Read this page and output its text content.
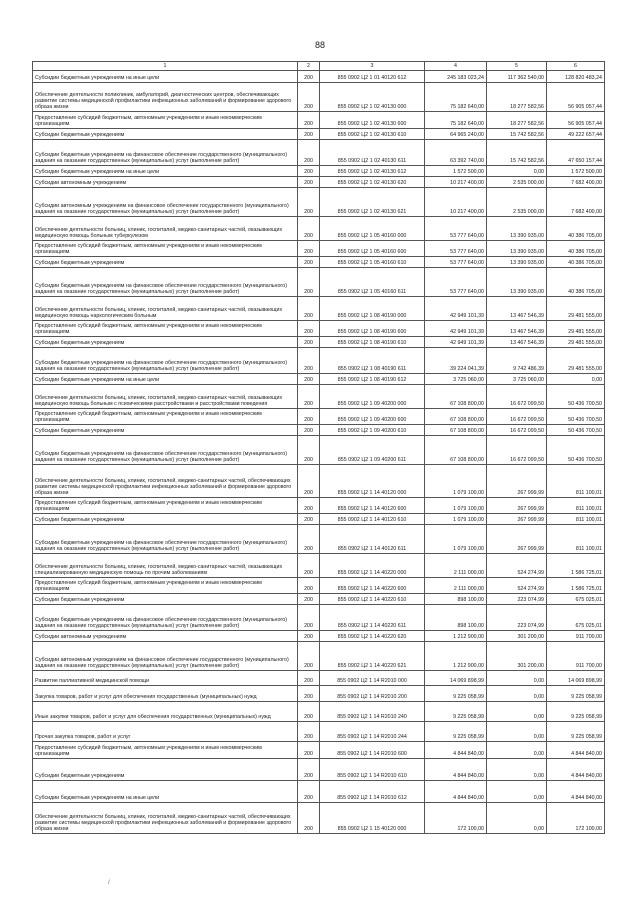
88
1	2	3	4	5	6
Субсидии бюджетным учреждениям на иные цели	200	855 0902 Ц2 1 01 40120 612	245 183 023,24	117 362 540,00	128 820 483,24
Обеспечение деятельности поликлиник, амбулаторий, диагностических центров, обеспечивающих развитие системы медицинской профилактики инфекционных заболеваний и формирование здорового образа жизни	200	855 0902 Ц2 1 02 40130 000	75 182 640,00	18 277 582,56	56 905 057,44
Предоставление субсидий бюджетным, автономным учреждениям и иным некоммерческим организациям	200	855 0902 Ц2 1 02 40130 600	75 182 640,00	18 277 582,56	56 905 057,44
Субсидии бюджетным учреждениям	200	855 0902 Ц2 1 02 40130 610	64 965 240,00	15 742 582,56	49 222 657,44
Субсидии бюджетным учреждениям на финансовое обеспечение государственного (муниципального) задания на оказание государственных (муниципальных) услуг (выполнение работ)	200	855 0902 Ц2 1 02 40130 611	63 392 740,00	15 742 582,56	47 650 157,44
Субсидии бюджетным учреждениям на иные цели	200	855 0902 Ц2 1 02 40130 612	1 572 500,00	0,00	1 572 500,00
Субсидии автономным учреждениям	200	855 0902 Ц2 1 02 40130 620	10 217 400,00	2 535 000,00	7 682 400,00
Субсидии автономным учреждениям на финансовое обеспечение государственного (муниципального) задания на оказание государственных (муниципальных) услуг (выполнение работ)	200	855 0902 Ц2 1 02 40130 621	10 217 400,00	2 535 000,00	7 682 400,00
Обеспечение деятельности больниц, клиник, госпиталей, медико-санитарных частей, оказывающих медицинскую помощь больным туберкулезом	200	855 0902 Ц2 1 05 40160 000	53 777 640,00	13 390 935,00	40 386 705,00
Предоставление субсидий бюджетным, автономным учреждениям и иным некоммерческим организациям	200	855 0902 Ц2 1 05 40160 600	53 777 640,00	13 390 935,00	40 386 705,00
Субсидии бюджетным учреждениям	200	855 0902 Ц2 1 05 40160 610	53 777 640,00	13 390 935,00	40 386 705,00
Субсидии бюджетным учреждениям на финансовое обеспечение государственного (муниципального) задания на оказание государственных (муниципальных) услуг (выполнение работ)	200	855 0902 Ц2 1 05 40160 611	53 777 640,00	13 390 935,00	40 386 705,00
Обеспечение деятельности больниц, клиник, госпиталей, медико-санитарных частей, оказывающих медицинскую помощь наркологическим больным	200	855 0902 Ц2 1 08 40190 000	42 949 101,39	13 467 546,39	29 481 555,00
Предоставление субсидий бюджетным, автономным учреждениям и иным некоммерческим организациям	200	855 0902 Ц2 1 08 40190 600	42 949 101,39	13 467 546,39	29 481 555,00
Субсидии бюджетным учреждениям	200	855 0902 Ц2 1 08 40190 610	42 949 101,39	13 467 546,39	29 481 555,00
Субсидии бюджетным учреждениям на финансовое обеспечение государственного (муниципального) задания на оказание государственных (муниципальных) услуг (выполнение работ)	200	855 0902 Ц2 1 08 40190 611	39 224 041,39	9 742 486,39	29 481 555,00
Субсидии бюджетным учреждениям на иные цели	200	855 0902 Ц2 1 08 40190 612	3 725 060,00	3 725 060,00	0,00
Обеспечение деятельности больниц, клиник, госпиталей, медико-санитарных частей, оказывающих медицинскую помощь больным с психическими расстройствами и расстройствами поведения	200	855 0902 Ц2 1 09 40200 000	67 108 800,00	16 672 099,50	50 436 700,50
Предоставление субсидий бюджетным, автономным учреждениям и иным некоммерческим организациям	200	855 0902 Ц2 1 09 40200 600	67 108 800,00	16 672 099,50	50 436 700,50
Субсидии бюджетным учреждениям	200	855 0902 Ц2 1 09 40200 610	67 108 800,00	16 672 099,50	50 436 700,50
Субсидии бюджетным учреждениям на финансовое обеспечение государственного (муниципального) задания на оказание государственных (муниципальных) услуг (выполнение работ)	200	855 0902 Ц2 1 09 40200 611	67 108 800,00	16 672 099,50	50 436 700,50
Обеспечение деятельности больниц, клиник, госпиталей, медико-санитарных частей, обеспечивающих развитие системы медицинской профилактики инфекционных заболеваний и формирование здорового образа жизни	200	855 0902 Ц2 1 14 40120 000	1 079 100,00	267 999,99	811 100,01
Предоставление субсидий бюджетным, автономным учреждениям и иным некоммерческим организациям	200	855 0902 Ц2 1 14 40120 600	1 079 100,00	267 999,99	811 100,01
Субсидии бюджетным учреждениям	200	855 0902 Ц2 1 14 40120 610	1 079 100,00	267 999,99	811 100,01
Субсидии бюджетным учреждениям на финансовое обеспечение государственного (муниципального) задания на оказание государственных (муниципальных) услуг (выполнение работ)	200	855 0902 Ц2 1 14 40120 611	1 079 100,00	267 999,99	811 100,01
Обеспечение деятельности больниц, клиник, госпиталей, медико-санитарных частей, оказывающих специализированную медицинскую помощь по прочим заболеваниям	200	855 0902 Ц2 1 14 40220 000	2 111 000,00	524 274,99	1 586 725,01
Предоставление субсидий бюджетным, автономным учреждениям и иным некоммерческим организациям	200	855 0902 Ц2 1 14 40220 600	2 111 000,00	524 274,99	1 586 725,01
Субсидии бюджетным учреждениям	200	855 0902 Ц2 1 14 40220 610	898 100,00	223 074,99	675 025,01
Субсидии бюджетным учреждениям на финансовое обеспечение государственного (муниципального) задания на оказание государственных (муниципальных) услуг (выполнение работ)	200	855 0902 Ц2 1 14 40220 611	898 100,00	223 074,99	675 025,01
Субсидии автономным учреждениям	200	855 0902 Ц2 1 14 40220 620	1 212 900,00	301 200,00	911 700,00
Субсидии автономным учреждениям на финансовое обеспечение государственного (муниципального) задания на оказание государственных (муниципальных) услуг (выполнение работ)	200	855 0902 Ц2 1 14 40220 621	1 212 900,00	301 200,00	911 700,00
Развитие паллиативной медицинской помощи	200	855 0902 Ц2 1 14 R2010 000	14 069 898,99	0,00	14 069 898,99
Закупка товаров, работ и услуг для обеспечения государственных (муниципальных) нужд	200	855 0902 Ц2 1 14 R2010 200	9 225 058,99	0,00	9 225 058,99
Иные закупки товаров, работ и услуг для обеспечения государственных (муниципальных) нужд	200	855 0902 Ц2 1 14 R2010 240	9 225 058,99	0,00	9 225 058,99
Прочая закупка товаров, работ и услуг	200	855 0902 Ц2 1 14 R2010 244	9 225 058,99	0,00	9 225 058,99
Предоставление субсидий бюджетным, автономным учреждениям и иным некоммерческим организациям	200	855 0902 Ц2 1 14 R2010 600	4 844 840,00	0,00	4 844 840,00
Субсидии бюджетным учреждениям	200	855 0902 Ц2 1 14 R2010 610	4 844 840,00	0,00	4 844 840,00
Субсидии бюджетным учреждениям на иные цели	200	855 0902 Ц2 1 14 R2010 612	4 844 840,00	0,00	4 844 840,00
Обеспечение деятельности больниц, клиник, госпиталей, медико-санитарных частей, обеспечивающих развитие системы медицинской профилактики инфекционных заболеваний и формирование здорового образа жизни	200	855 0902 Ц2 1 15 40120 000	172 100,00	0,00	172 100,00
/
